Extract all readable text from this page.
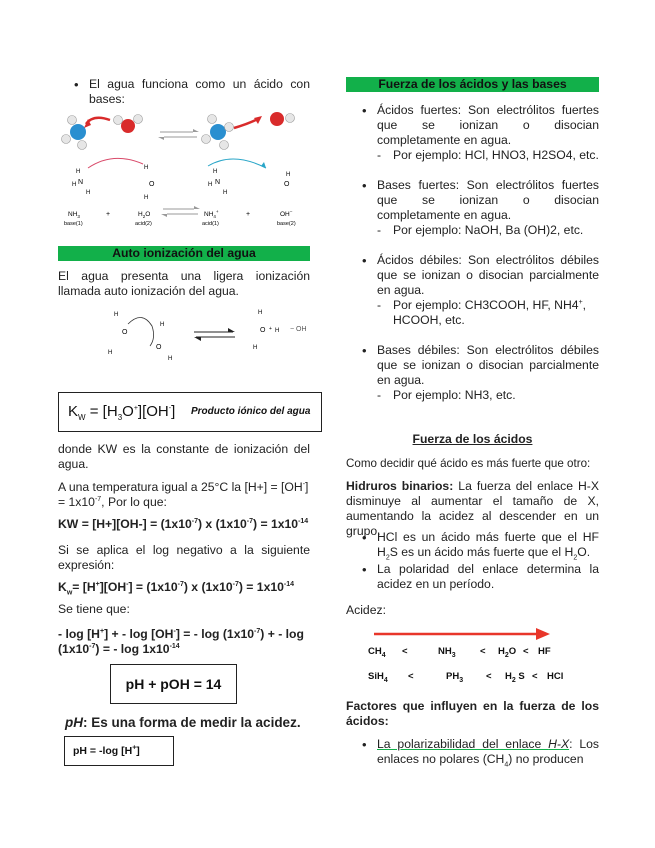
• El agua funciona como un ácido con bases:
H
H N
H
H
O
H
H
H N
H
O
H
$NH_3$
base(1)
+	$H_2O$
acid(2)
$NH_4^+$
acid(1)
+	OH−
base(2)
Auto ionización del agua

El agua presenta una ligera ionización llamada auto ionización del agua.

H
O
H
H
O
H
H
O + H
H
− OH
$K_W = [H_3O^+][OH^-]$ Producto iónico del agua

donde KW es la constante de ionización del agua.

A una temperatura igual a 25°C la $[H+] = [OH^-] = 1x10^{-7}$, Por lo que:

KW = $[H+][OH-] = (1x10^{-7})$ x $(1x10^{-7}) = 1x10^{-14}$

Si se aplica el log negativo a la siguiente expresión:

$K_w= [H^+][OH^-] = (1x10^{-7})$ x $(1x10^{-7}) = 1x10^{-14}$

Se tiene que:

- log [H+] + - log [OH-] = - $\log (1x10^{-7})$ + - $\log (1x10^{-7})$ = - $\log 1x10^{-14}$

pH + pOH = 14

pH: Es una forma de medir la acidez.

pH = -log [H+]
Fuerza de los ácidos y las bases
• Ácidos fuertes: Son electrólitos fuertes que se ionizan o disocian completamente en agua.
- Por ejemplo: HCl, HNO3, H2SO4, etc.
• Bases fuertes: Son electrólitos fuertes que se ionizan o disocian completamente en agua.
- Por ejemplo: NaOH, Ba (OH)2, etc.
• Ácidos débiles: Son electrólitos débiles que se ionizan o disocian parcialmente en agua.
- Por ejemplo: CH3COOH, HF, NH4+, HCOOH, etc.
• Bases débiles: Son electrólitos débiles que se ionizan o disocian parcialmente en agua.
- Por ejemplo: NH3, etc.
Fuerza de los ácidos

Como decidir qué ácido es más fuerte que otro:

Hidruros binarios: La fuerza del enlace H-X disminuye al aumentar el tamaño de X, aumentando la acidez al descender en un grupo.

• HCl es un ácido más fuerte que el HF $H_2S$ es un ácido más fuerte que el $H_2O$.
• La polaridad del enlace determina la acidez en un período.

Acidez:

$CH_4$ <	$NH_3$	< $H_2O$ < HF
SiH$_4$ <	$PH_3 < H_2$ S < HCl

Factores que influyen en la fuerza de los ácidos:

• La polarizabilidad del enlace H-X: Los enlaces no polares $(CH_4)$ no producen
